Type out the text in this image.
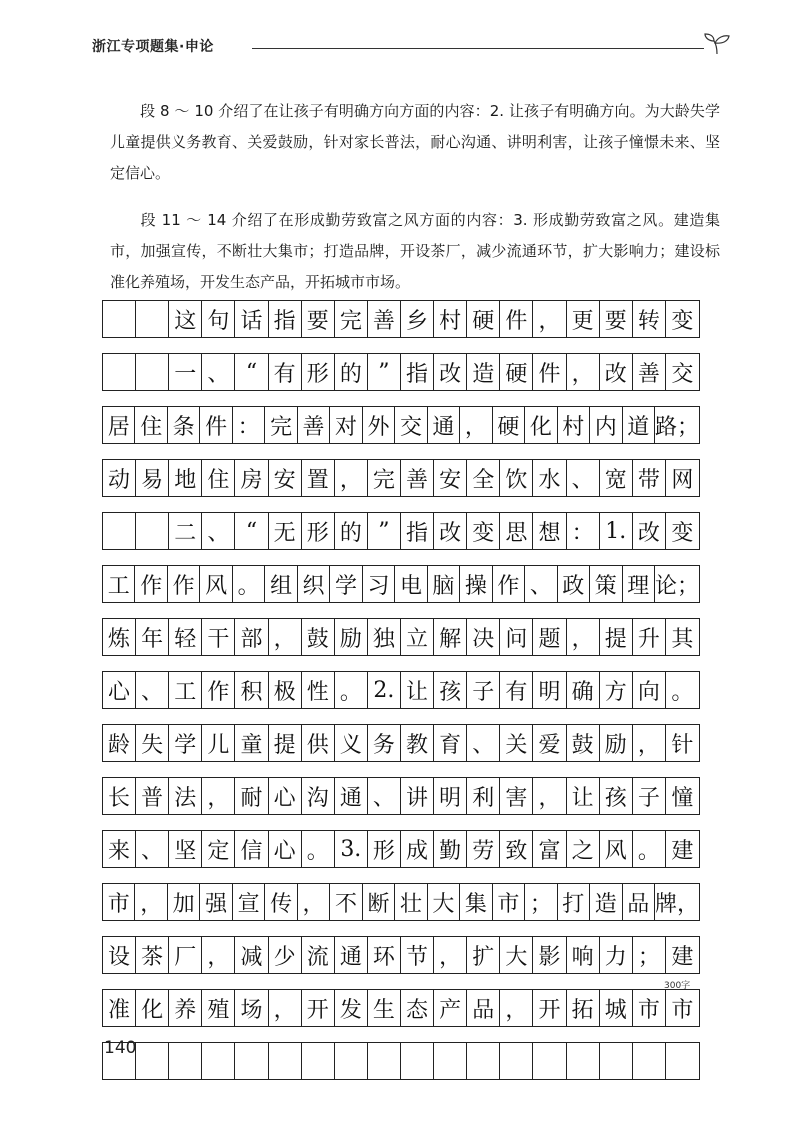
浙江专项题集·申论
段 8 ～ 10 介绍了在让孩子有明确方向方面的内容：2. 让孩子有明确方向。为大龄失学儿童提供义务教育、关爱鼓励，针对家长普法，耐心沟通、讲明利害，让孩子憧憬未来、坚定信心。
段 11 ～ 14 介绍了在形成勤劳致富之风方面的内容：3. 形成勤劳致富之风。建造集市，加强宣传，不断壮大集市；打造品牌，开设茶厂，减少流通环节，扩大影响力；建设标准化养殖场，开发生态产品，开拓城市市场。
这 句 话 指 要 完 善 乡 村 硬 件 ， 更 要 转 变
一 、 “ 有 形 的 ” 指 改 造 硬 件 ， 改 善 交
居 住 条 件 ： 完 善 对 外 交 通 ， 硬 化 村 内 道 路；
动 易 地 住 房 安 置 ， 完 善 安 全 饮 水 、 宽 带 网
二 、 “ 无 形 的 ” 指 改 变 思 想 ： 1. 改 变
工 作 作 风 。 组 织 学 习 电 脑 操 作 、 政 策 理 论；
炼 年 轻 干 部 ， 鼓 励 独 立 解 决 问 题 ， 提 升 其
心 、 工 作 积 极 性 。 2. 让 孩 子 有 明 确 方 向 。
龄 失 学 儿 童 提 供 义 务 教 育 、 关 爱 鼓 励 ， 针
长 普 法 ， 耐 心 沟 通 、 讲 明 利 害 ， 让 孩 子 憧
来 、 坚 定 信 心 。 3. 形 成 勤 劳 致 富 之 风 。 建
市 ， 加 强 宣 传 ， 不 断 壮 大 集 市 ； 打 造 品 牌，
设 茶 厂 ， 减 少 流 通 环 节 ， 扩 大 影 响 力 ； 建
准 化 养 殖 场 ， 开 发 生 态 产 品 ， 开 拓 城 市 市
300字
140
